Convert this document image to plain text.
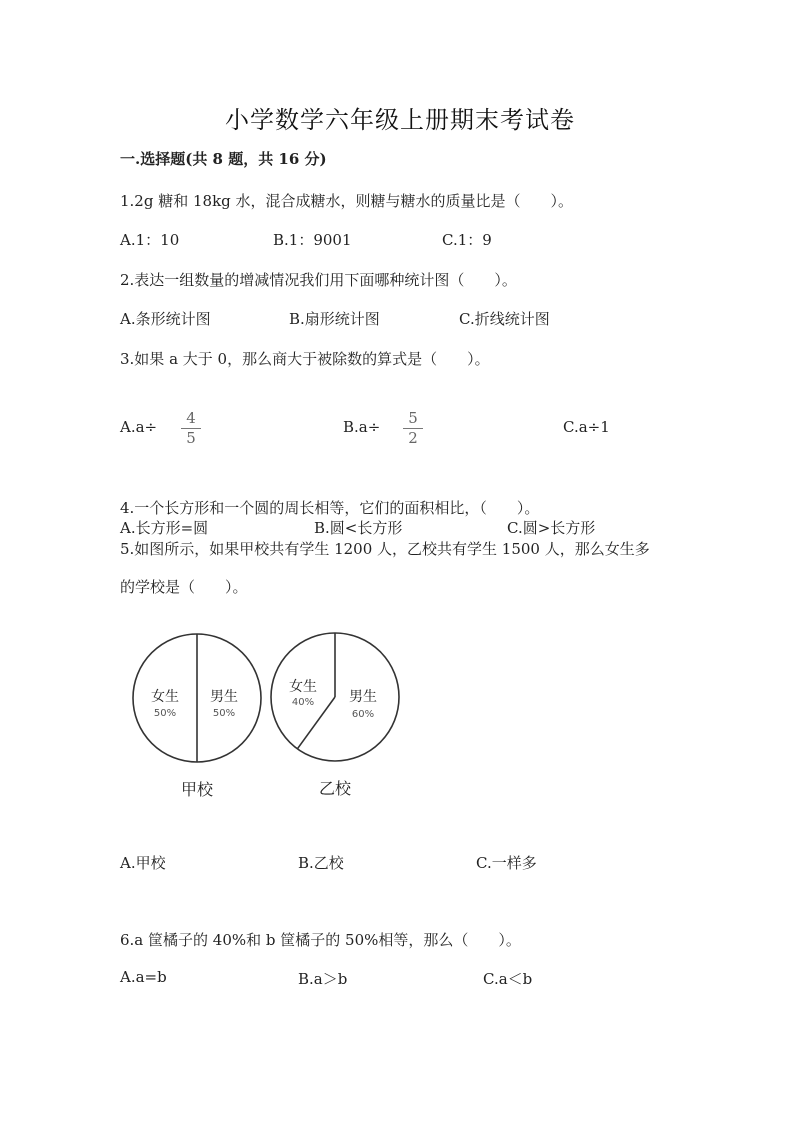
小学数学六年级上册期末考试卷
一.选择题(共 8 题，共 16 分)
1.2g 糖和 18kg 水，混合成糖水，则糖与糖水的质量比是（　　）。
A.1：10	B.1：9001	C.1：9
2.表达一组数量的增减情况我们用下面哪种统计图（　　）。
A.条形统计图	B.扇形统计图	C.折线统计图
3.如果 a 大于 0，那么商大于被除数的算式是（　　）。
$A.a\div \frac{4}{5}$	$B.a\div \frac{5}{2}$	C.a÷1
4.一个长方形和一个圆的周长相等，它们的面积相比，（　　）。
A.长方形=圆	B.圆<长方形	C.圆>长方形
5.如图所示，如果甲校共有学生 1200 人，乙校共有学生 1500 人，那么女生多
的学校是（　　）。
女生
50%
男生
50%
甲校
女生
40% 男生
60%
乙校
A.甲校	B.乙校	C.一样多
6.a 筐橘子的 40%和 b 筐橘子的 50%相等，那么（　　）。
A.a=b	B.a＞b	C.a＜b
